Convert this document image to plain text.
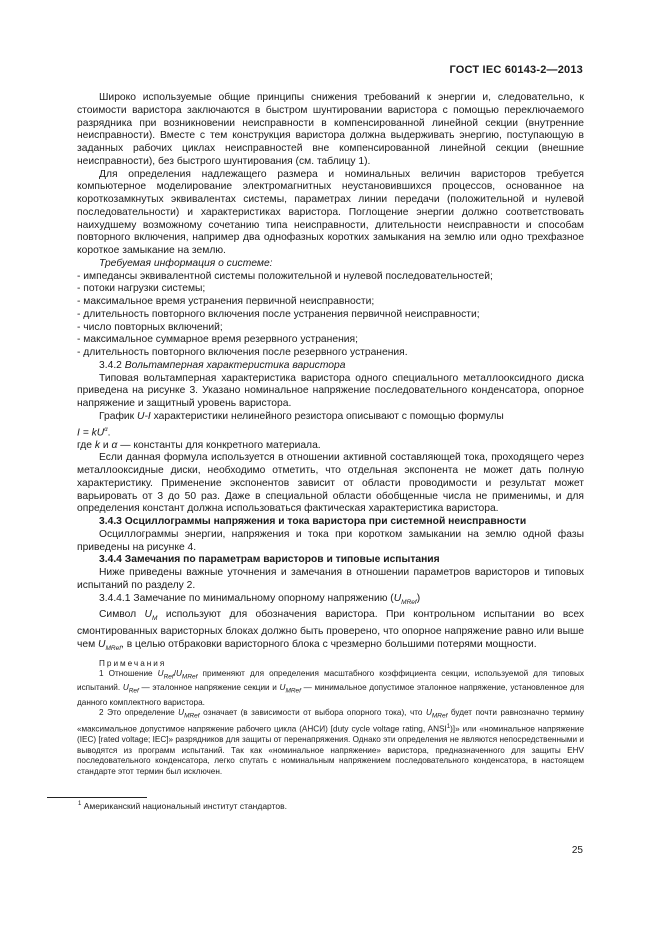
ГОСТ IEC 60143-2—2013

Широко используемые общие принципы снижения требований к энергии и, следовательно, к стоимости варистора заключаются в быстром шунтировании варистора с помощью переключаемого разрядника при возникновении неисправности в компенсированной линейной секции (внутренние неисправности). Вместе с тем конструкция варистора должна выдерживать энергию, поступающую в заданных рабочих циклах неисправностей вне компенсированной линейной секции (внешние неисправности), без быстрого шунтирования (см. таблицу 1).

Для определения надлежащего размера и номинальных величин варисторов требуется компьютерное моделирование электромагнитных неустановившихся процессов, основанное на короткозамкнутых эквивалентах системы, параметрах линии передачи (положительной и нулевой последовательности) и характеристиках варистора. Поглощение энергии должно соответствовать наихудшему возможному сочетанию типа неисправности, длительности неисправности и способам повторного включения, например два однофазных коротких замыкания на землю или одно трехфазное короткое замыкание на землю.

Требуемая информация о системе:

- импедансы эквивалентной системы положительной и нулевой последовательностей;

- потоки нагрузки системы;

- максимальное время устранения первичной неисправности;

- длительность повторного включения после устранения первичной неисправности;

- число повторных включений;

- максимальное суммарное время резервного устранения;

- длительность повторного включения после резервного устранения.

3.4.2 Вольтамперная характеристика варистора

Типовая вольтамперная характеристика варистора одного специального металлооксидного диска приведена на рисунке 3. Указано номинальное напряжение последовательного конденсатора, опорное напряжение и защитный уровень варистора.

График U-I характеристики нелинейного резистора описывают с помощью формулы

$I = kU^\alpha$.

где k и α — константы для конкретного материала.

Если данная формула используется в отношении активной составляющей тока, проходящего через металлооксидные диски, необходимо отметить, что отдельная экспонента не может дать полную характеристику. Применение экспонентов зависит от области проводимости и результат может варьировать от 3 до 50 раз. Даже в специальной области обобщенные числа не применимы, и для определения констант должна использоваться фактическая характеристика варистора.

3.4.3 Осциллограммы напряжения и тока варистора при системной неисправности

Осциллограммы энергии, напряжения и тока при коротком замыкании на землю одной фазы приведены на рисунке 4.

3.4.4 Замечания по параметрам варисторов и типовые испытания

Ниже приведены важные уточнения и замечания в отношении параметров варисторов и типовых испытаний по разделу 2.

3.4.4.1 Замечание по минимальному опорному напряжению $(U_{MRef})$

Символ $U_M$ используют для обозначения варистора. При контрольном испытании во всех смонтированных варисторных блоках должно быть проверено, что опорное напряжение равно или выше чем $U_{MRef}$, в целью отбраковки варисторного блока с чрезмерно большими потерями мощности.

Примечания

1 Отношение $U_{Ref}/U_{MRef}$ применяют для определения масштабного коэффициента секции, используемой для типовых испытаний. $U_{Ref}$ — эталонное напряжение секции и $U_{MRef}$ — минимальное допустимое эталонное напряжение, установленное для данного комплектного варистора.

2 Это определение $U_{MRef}$ означает (в зависимости от выбора опорного тока), что $U_{MRef}$ будет почти равнозначно термину «максимальное допустимое напряжение рабочего цикла (АНСИ) [duty cycle voltage rating, ANSI$^1$)]» или «номинальное напряжение (IEC) [rated voltage; IEC]» разрядников для защиты от перенапряжения. Однако эти определения не являются непосредственными и выводятся из программ испытаний. Так как «номинальное напряжение» варистора, предназначенного для защиты EHV последовательного конденсатора, легко спутать с номинальным напряжением последовательного конденсатора, в настоящем стандарте этот термин был исключен.

$^1$ Американский национальный институт стандартов.
25
